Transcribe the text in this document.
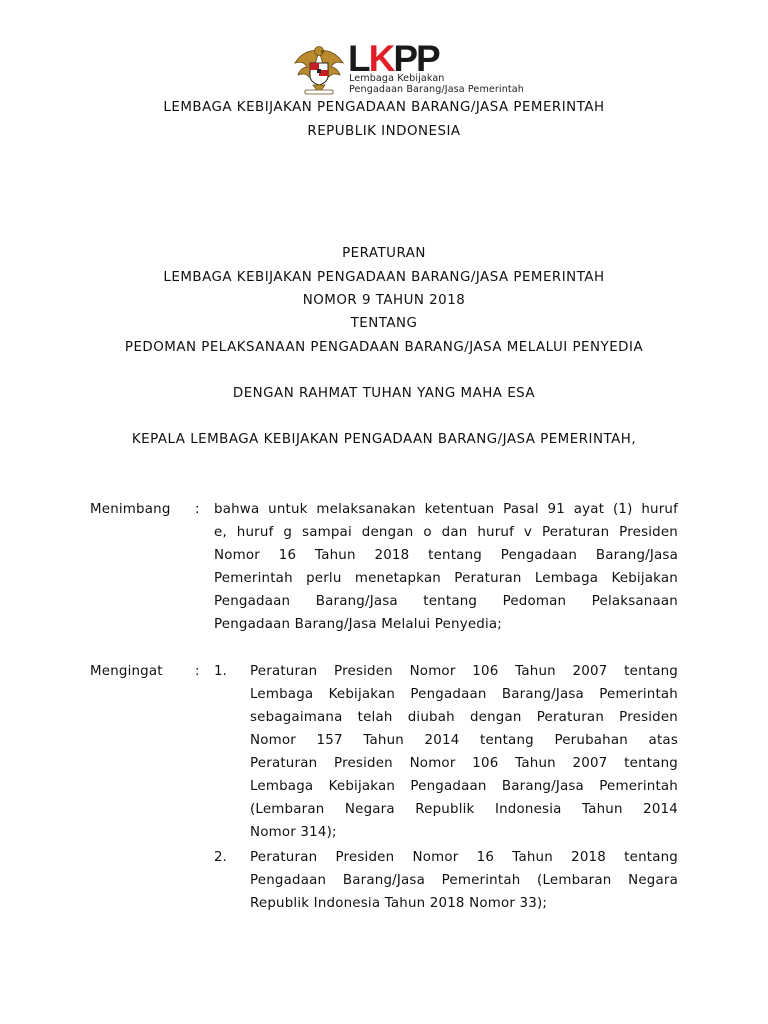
LKPP
Lembaga Kebijakan
Pengadaan Barang/Jasa Pemerintah
LEMBAGA KEBIJAKAN PENGADAAN BARANG/JASA PEMERINTAH
REPUBLIK INDONESIA
PERATURAN
LEMBAGA KEBIJAKAN PENGADAAN BARANG/JASA PEMERINTAH
NOMOR 9 TAHUN 2018
TENTANG
PEDOMAN PELAKSANAAN PENGADAAN BARANG/JASA MELALUI PENYEDIA
DENGAN RAHMAT TUHAN YANG MAHA ESA
KEPALA LEMBAGA KEBIJAKAN PENGADAAN BARANG/JASA PEMERINTAH,
Menimbang : bahwa untuk melaksanakan ketentuan Pasal 91 ayat (1) huruf
e, huruf g sampai dengan o dan huruf v Peraturan Presiden
Nomor 16 Tahun 2018 tentang Pengadaan Barang/Jasa
Pemerintah perlu menetapkan Peraturan Lembaga Kebijakan
Pengadaan Barang/Jasa tentang Pedoman Pelaksanaan
Pengadaan Barang/Jasa Melalui Penyedia;
Mengingat : 1. Peraturan Presiden Nomor 106 Tahun 2007 tentang
Lembaga Kebijakan Pengadaan Barang/Jasa Pemerintah
sebagaimana telah diubah dengan Peraturan Presiden
Nomor 157 Tahun 2014 tentang Perubahan atas
Peraturan Presiden Nomor 106 Tahun 2007 tentang
Lembaga Kebijakan Pengadaan Barang/Jasa Pemerintah
(Lembaran Negara Republik Indonesia Tahun 2014
Nomor 314);
2. Peraturan Presiden Nomor 16 Tahun 2018 tentang
Pengadaan Barang/Jasa Pemerintah (Lembaran Negara
Republik Indonesia Tahun 2018 Nomor 33);
